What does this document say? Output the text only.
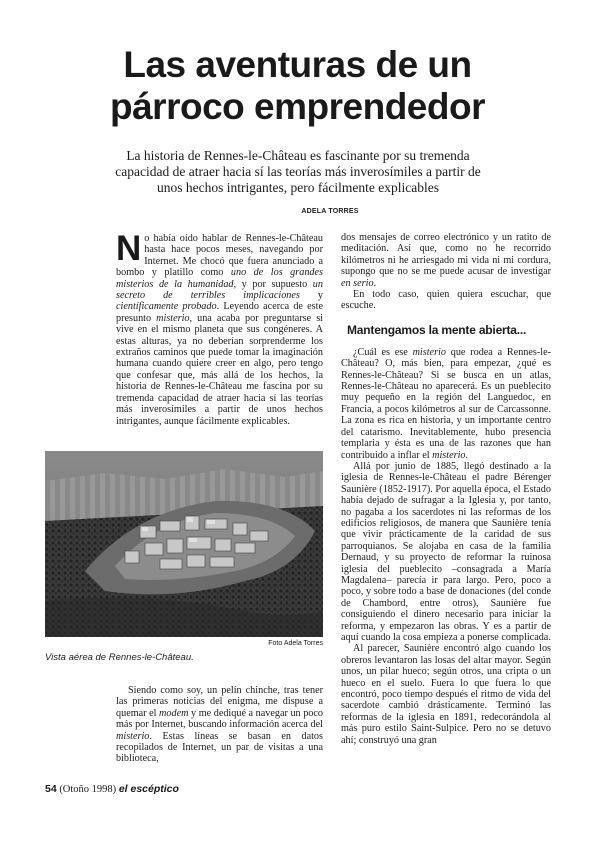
Las aventuras de un
párroco emprendedor

La historia de Rennes-le-Château es fascinante por su tremenda capacidad de atraer hacia sí las teorías más inverosímiles a partir de unos hechos intrigantes, pero fácilmente explicables

ADELA TORRES

No había oído hablar de Rennes-le-Château hasta hace pocos meses, navegando por Internet. Me chocó que fuera anunciado a bombo y platillo como uno de los grandes misterios de la humanidad, y por supuesto un secreto de terribles implicaciones y científicamente probado. Leyendo acerca de este presunto misterio, una acaba por preguntarse si vive en el mismo planeta que sus congéneres. A estas alturas, ya no deberían sorprenderme los extraños caminos que puede tomar la imaginación humana cuando quiere creer en algo, pero tengo que confesar que, más allá de los hechos, la historia de Rennes-le-Château me fascina por su tremenda capacidad de atraer hacia sí las teorías más inverosímiles a partir de unos hechos intrigantes, aunque fácilmente explicables.

Foto Adela Torres
Vista aérea de Rennes-le-Château.

Siendo como soy, un pelín chinche, tras tener las primeras noticias del enigma, me dispuse a quemar el modem y me dediqué a navegar un poco más por Internet, buscando información acerca del misterio. Estas líneas se basan en datos recopilados de Internet, un par de visitas a una biblioteca,

dos mensajes de correo electrónico y un ratito de meditación. Así que, como no he recorrido kilómetros ni he arriesgado mi vida ni mi cordura, supongo que no se me puede acusar de investigar en serio.

En todo caso, quien quiera escuchar, que escuche.

Mantengamos la mente abierta...

¿Cuál es ese misterio que rodea a Rennes-le-Château? O, más bien, para empezar, ¿qué es Rennes-le-Château? Si se busca en un atlas, Rennes-le-Château no aparecerá. Es un pueblecito muy pequeño en la región del Languedoc, en Francia, a pocos kilómetros al sur de Carcassonne. La zona es rica en historia, y un importante centro del catarismo. Inevitablemente, hubo presencia templaria y ésta es una de las razones que han contribuido a inflar el misterio.

Allá por junio de 1885, llegó destinado a la iglesia de Rennes-le-Château el padre Bérenger Saunière (1852-1917). Por aquella época, el Estado había dejado de sufragar a la Iglesia y, por tanto, no pagaba a los sacerdotes ni las reformas de los edificios religiosos, de manera que Saunière tenía que vivir prácticamente de la caridad de sus parroquianos. Se alojaba en casa de la familia Dernaud, y su proyecto de reformar la ruinosa iglesia del pueblecito –consagrada a María Magdalena– parecía ir para largo. Pero, poco a poco, y sobre todo a base de donaciones (del conde de Chambord, entre otros), Saunière fue consiguiendo el dinero necesario para iniciar la reforma, y empezaron las obras. Y es a partir de aquí cuando la cosa empieza a ponerse complicada.

Al parecer, Saunière encontró algo cuando los obreros levantaron las losas del altar mayor. Según unos, un pilar hueco; según otros, una cripta o un hueco en el suelo. Fuera lo que fuera lo que encontró, poco tiempo después el ritmo de vida del sacerdote cambió drásticamente. Terminó las reformas de la iglesia en 1891, redecorándola al más puro estilo Saint-Sulpice. Pero no se detuvo ahí; construyó una gran

54 (Otoño 1998) el escéptico
